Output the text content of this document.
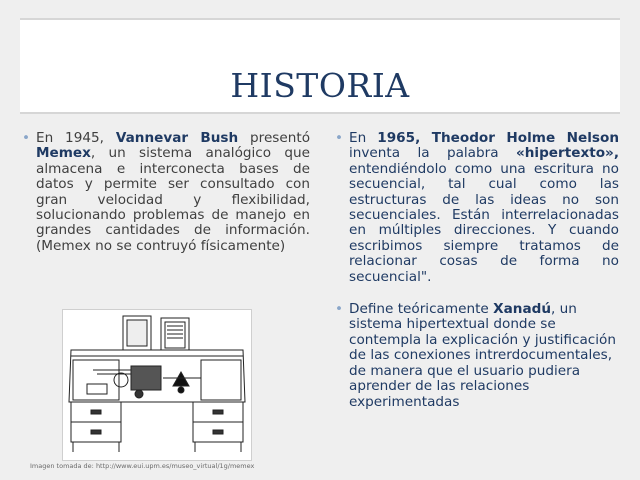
HISTORIA
• En 1945, Vannevar Bush presentó Memex, un sistema analógico que almacena e interconecta bases de datos y permite ser consultado con gran velocidad y flexibilidad, solucionando problemas de manejo en grandes cantidades de información. (Memex no se contruyó físicamente)
• En 1965, Theodor Holme Nelson inventa la palabra «hipertexto», entendiéndolo como una escritura no secuencial, tal cual como las estructuras de las ideas no son secuenciales. Están interrelacionadas en múltiples direcciones. Y cuando escribimos siempre tratamos de relacionar cosas de forma no secuencial".
• Define teóricamente Xanadú, un sistema hipertextual donde se contempla la explicación y justificación de las conexiones intrerdocumentales, de manera que el usuario pudiera aprender de las relaciones experimentadas
Imagen tomada de: http://www.eui.upm.es/museo_virtual/1g/memex
